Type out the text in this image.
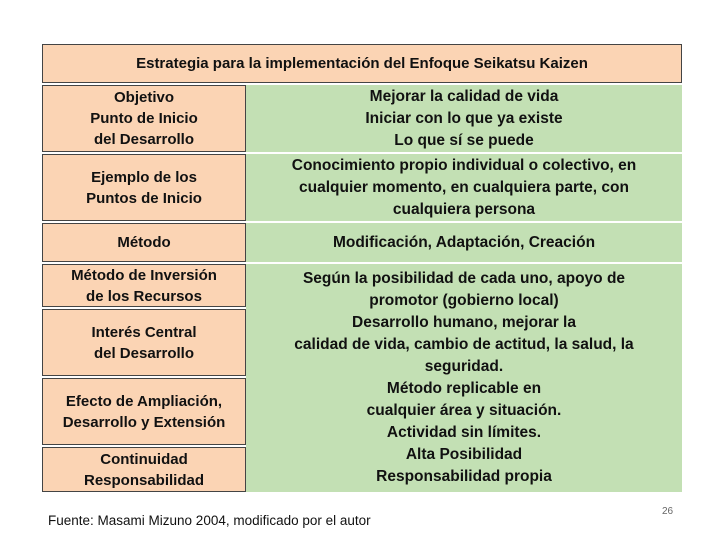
Estrategia para la implementación del Enfoque Seikatsu Kaizen
Objetivo
Punto de Inicio
del Desarrollo
Ejemplo de los
Puntos de Inicio
Método
Método de Inversión
de los Recursos
Interés Central
del Desarrollo
Efecto de Ampliación,
Desarrollo y Extensión
Continuidad
Responsabilidad
Mejorar la calidad de vida
Iniciar con lo que ya existe
Lo que sí se puede
Conocimiento propio individual o colectivo, en
cualquier momento, en cualquiera parte, con
cualquiera persona
Modificación, Adaptación, Creación
Según la posibilidad de cada uno, apoyo de
promotor (gobierno local)
Desarrollo humano, mejorar la
calidad de vida, cambio de actitud, la salud, la
seguridad.
Método replicable en
cualquier área y situación.
Actividad sin límites.
Alta Posibilidad
Responsabilidad propia
Fuente: Masami Mizuno 2004, modificado por el autor
26
